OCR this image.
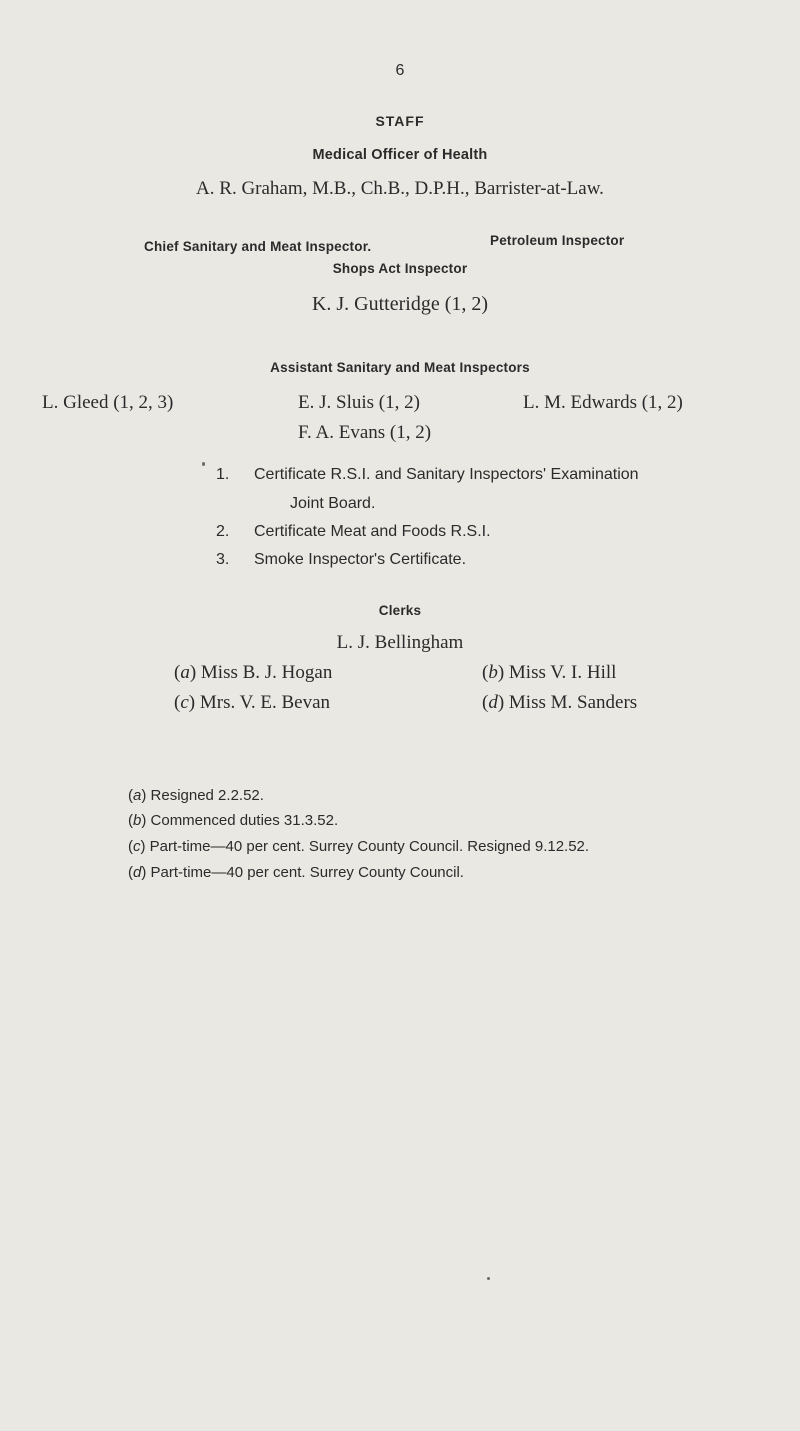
6
STAFF
Medical Officer of Health
A. R. Graham, M.B., Ch.B., D.P.H., Barrister-at-Law.
Chief Sanitary and Meat Inspector.	Petroleum Inspector
Shops Act Inspector
K. J. Gutteridge (1, 2)
Assistant Sanitary and Meat Inspectors
L. Gleed (1, 2, 3)	E. J. Sluis (1, 2)	L. M. Edwards (1, 2)
F. A. Evans (1, 2)
1. Certificate R.S.I. and Sanitary Inspectors' Examination
Joint Board.
2. Certificate Meat and Foods R.S.I.
3. Smoke Inspector's Certificate.
Clerks
L. J. Bellingham
(a) Miss B. J. Hogan	(b) Miss V. I. Hill
(c) Mrs. V. E. Bevan	(d) Miss M. Sanders
(a) Resigned 2.2.52.
(b) Commenced duties 31.3.52.
(c) Part-time—40 per cent. Surrey County Council. Resigned 9.12.52.
(d) Part-time—40 per cent. Surrey County Council.
